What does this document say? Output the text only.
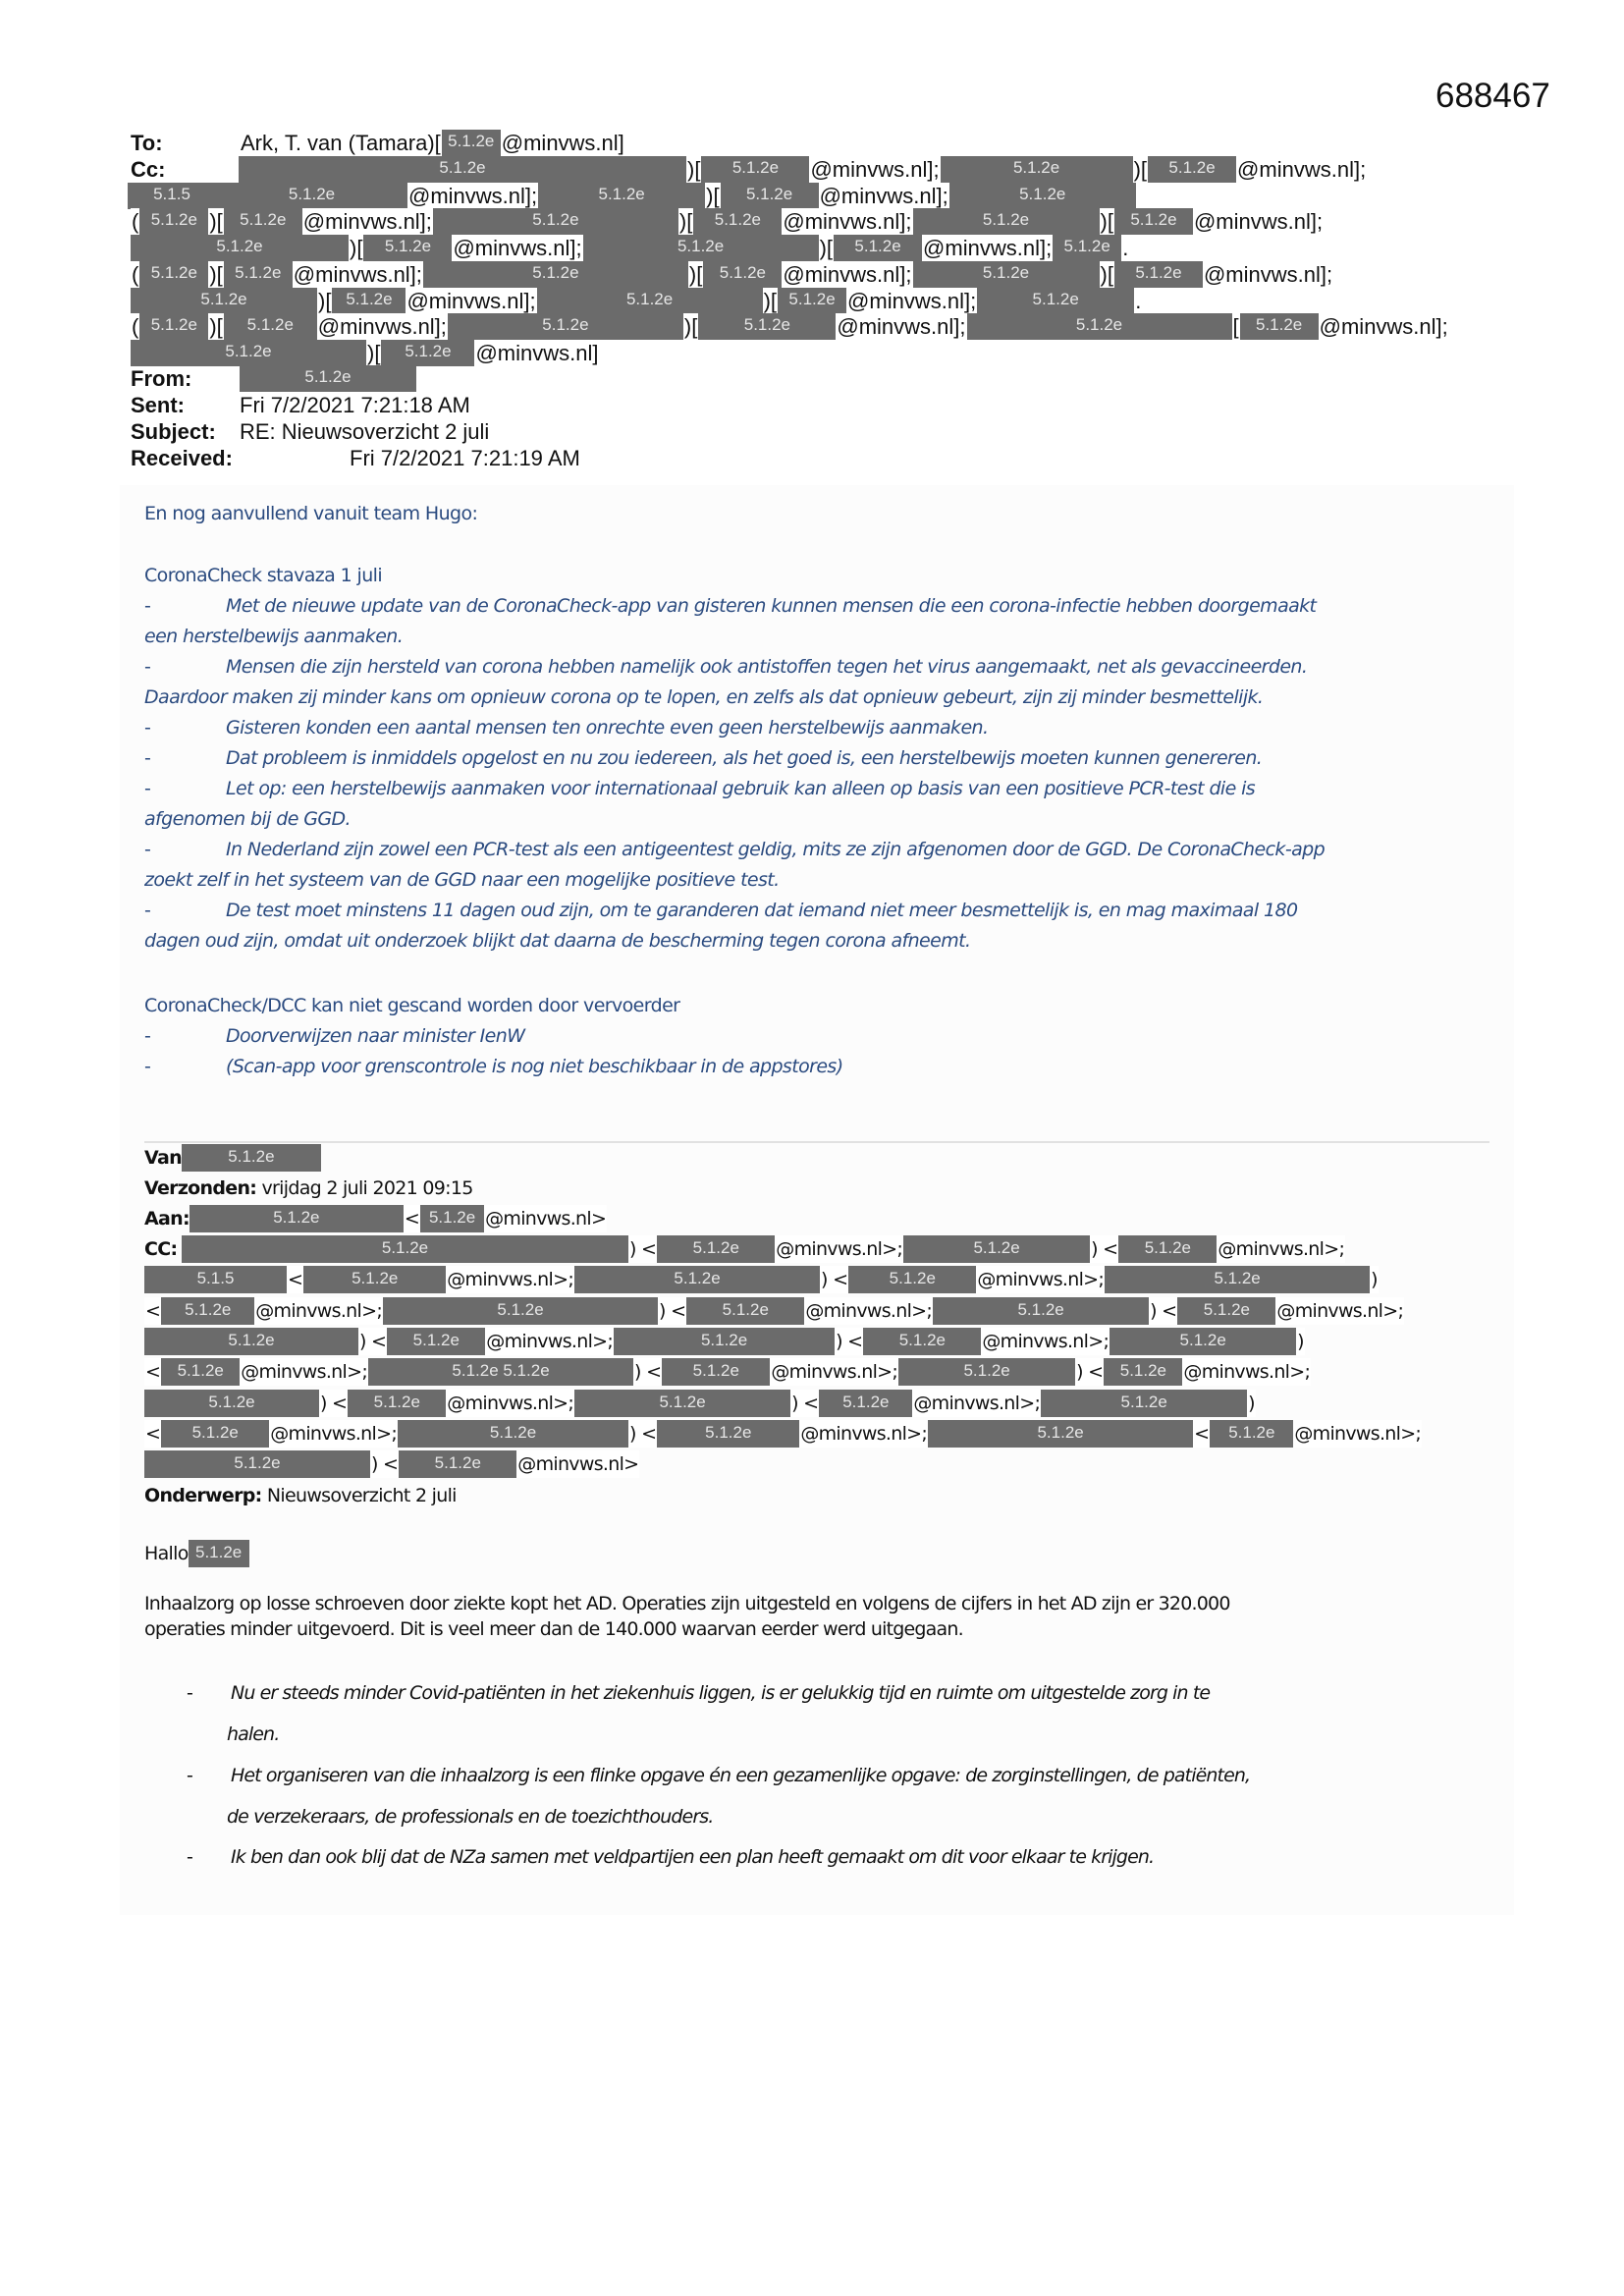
688467
To:	Ark, T. van (Tamara)[ 5.1.2e @minvws.nl]
Cc:	5.1.2e	)[ 5.1.2e @minvws.nl];	5.1.2e	)[ 5.1.2e @minvws.nl];
5.1.5	5.1.2e	@minvws.nl];	5.1.2e	)[ 5.1.2e @minvws.nl];	5.1.2e
( 5.1.2e )[ 5.1.2e @minvws.nl];	5.1.2e	)[ 5.1.2e @minvws.nl];	5.1.2e	)[ 5.1.2e @minvws.nl];
5.1.2e	)[ 5.1.2e @minvws.nl];	5.1.2e	)[ 5.1.2e @minvws.nl]; 5.1.2e .
( 5.1.2e )[ 5.1.2e @minvws.nl];	5.1.2e	)[ 5.1.2e @minvws.nl];	5.1.2e	)[ 5.1.2e @minvws.nl];
5.1.2e	)[ 5.1.2e @minvws.nl];	5.1.2e	)[ 5.1.2e @minvws.nl];	5.1.2e	.
( 5.1.2e )[ 5.1.2e @minvws.nl];	5.1.2e	)[	5.1.2e @minvws.nl];	5.1.2e	[ 5.1.2e @minvws.nl];
5.1.2e	)[ 5.1.2e @minvws.nl]
From:	5.1.2e
Sent:	Fri 7/2/2021 7:21:18 AM
Subject: RE: Nieuwsoverzicht 2 juli
Received:	Fri 7/2/2021 7:21:19 AM
En nog aanvullend vanuit team Hugo:
CoronaCheck stavaza 1 juli
-	Met de nieuwe update van de CoronaCheck-app van gisteren kunnen mensen die een corona-infectie hebben doorgemaakt
een herstelbewijs aanmaken.
-	Mensen die zijn hersteld van corona hebben namelijk ook antistoffen tegen het virus aangemaakt, net als gevaccineerden.
Daardoor maken zij minder kans om opnieuw corona op te lopen, en zelfs als dat opnieuw gebeurt, zijn zij minder besmettelijk.
-	Gisteren konden een aantal mensen ten onrechte even geen herstelbewijs aanmaken.
-	Dat probleem is inmiddels opgelost en nu zou iedereen, als het goed is, een herstelbewijs moeten kunnen genereren.
-	Let op: een herstelbewijs aanmaken voor internationaal gebruik kan alleen op basis van een positieve PCR-test die is
afgenomen bij de GGD.
-	In Nederland zijn zowel een PCR-test als een antigeentest geldig, mits ze zijn afgenomen door de GGD. De CoronaCheck-app
zoekt zelf in het systeem van de GGD naar een mogelijke positieve test.
-	De test moet minstens 11 dagen oud zijn, om te garanderen dat iemand niet meer besmettelijk is, en mag maximaal 180
dagen oud zijn, omdat uit onderzoek blijkt dat daarna de bescherming tegen corona afneemt.
CoronaCheck/DCC kan niet gescand worden door vervoerder
-	Doorverwijzen naar minister IenW
-	(Scan-app voor grenscontrole is nog niet beschikbaar in de appstores)
Van	5.1.2e
Verzonden: vrijdag 2 juli 2021 09:15
Aan:	5.1.2e	< 5.1.2e @minvws.nl>
CC:	5.1.2e	) < 5.1.2e @minvws.nl>;	5.1.2e	) < 5.1.2e @minvws.nl>;
5.1.5	<	5.1.2e	@minvws.nl>;	5.1.2e	) < 5.1.2e @minvws.nl>;	5.1.2e	)
< 5.1.2e @minvws.nl>;	5.1.2e	) < 5.1.2e @minvws.nl>;	5.1.2e	) < 5.1.2e @minvws.nl>;
5.1.2e	) < 5.1.2e @minvws.nl>;	5.1.2e	) < 5.1.2e @minvws.nl>;	5.1.2e	)
< 5.1.2e @minvws.nl>;	5.1.2e 5.1.2e	) < 5.1.2e @minvws.nl>;	5.1.2e	) < 5.1.2e @minvws.nl>;
5.1.2e	) < 5.1.2e @minvws.nl>;	5.1.2e	) < 5.1.2e @minvws.nl>;	5.1.2e	)
< 5.1.2e @minvws.nl>;	5.1.2e	) <	5.1.2e	@minvws.nl>;	5.1.2e	< 5.1.2e @minvws.nl>;
5.1.2e	) < 5.1.2e @minvws.nl>
Onderwerp: Nieuwsoverzicht 2 juli
Hallo 5.1.2e
Inhaalzorg op losse schroeven door ziekte kopt het AD. Operaties zijn uitgesteld en volgens de cijfers in het AD zijn er 320.000
operaties minder uitgevoerd. Dit is veel meer dan de 140.000 waarvan eerder werd uitgegaan.
- Nu er steeds minder Covid-patiënten in het ziekenhuis liggen, is er gelukkig tijd en ruimte om uitgestelde zorg in te
halen.
- Het organiseren van die inhaalzorg is een flinke opgave én een gezamenlijke opgave: de zorginstellingen, de patiënten,
de verzekeraars, de professionals en de toezichthouders.
- Ik ben dan ook blij dat de NZa samen met veldpartijen een plan heeft gemaakt om dit voor elkaar te krijgen.
